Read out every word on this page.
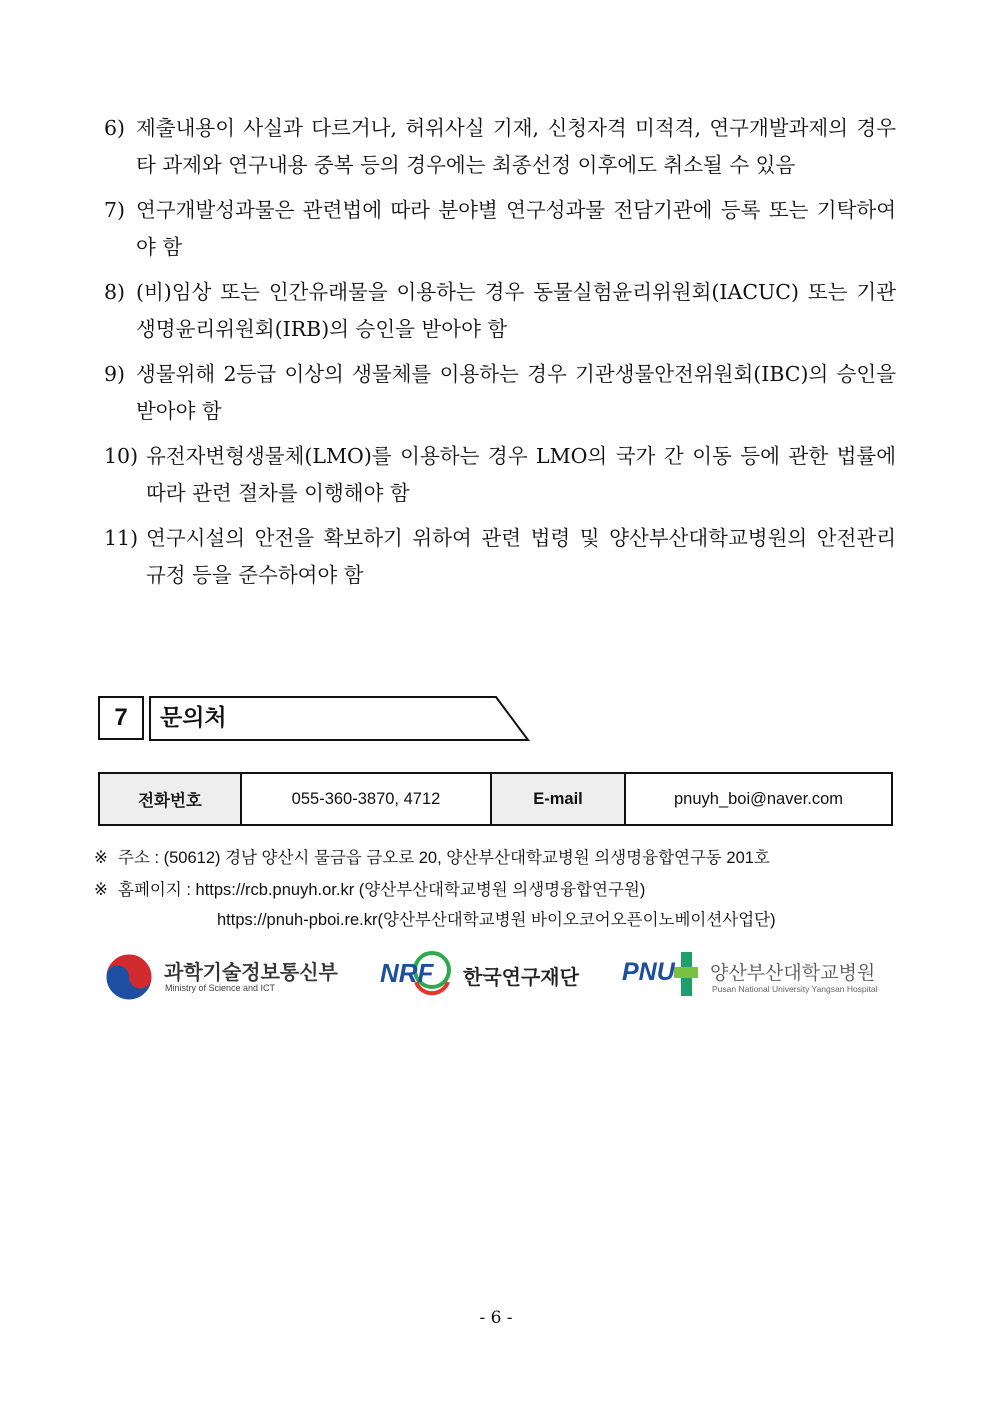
6) 제출내용이 사실과 다르거나, 허위사실 기재, 신청자격 미적격, 연구개발과제의 경우 타 과제와 연구내용 중복 등의 경우에는 최종선정 이후에도 취소될 수 있음
7) 연구개발성과물은 관련법에 따라 분야별 연구성과물 전담기관에 등록 또는 기탁하여야 함
8) (비)임상 또는 인간유래물을 이용하는 경우 동물실험윤리위원회(IACUC) 또는 기관생명윤리위원회(IRB)의 승인을 받아야 함
9) 생물위해 2등급 이상의 생물체를 이용하는 경우 기관생물안전위원회(IBC)의 승인을 받아야 함
10) 유전자변형생물체(LMO)를 이용하는 경우 LMO의 국가 간 이동 등에 관한 법률에 따라 관련 절차를 이행해야 함
11) 연구시설의 안전을 확보하기 위하여 관련 법령 및 양산부산대학교병원의 안전관리 규정 등을 준수하여야 함
7	문의처
전화번호	055-360-3870, 4712	E-mail	pnuyh_boi@naver.com
※ 주소 : (50612) 경남 양산시 물금읍 금오로 20, 양산부산대학교병원 의생명융합연구동 201호
※ 홈페이지 : https://rcb.pnuyh.or.kr (양산부산대학교병원 의생명융합연구원)
https://pnuh-pboi.re.kr(양산부산대학교병원 바이오코어오픈이노베이션사업단)
과학기술정보통신부
Ministry of Science and ICT	NRF 한국연구재단 PNU 양산부산대학교병원
Pusan National University Yangsan Hospital
- 6 -
